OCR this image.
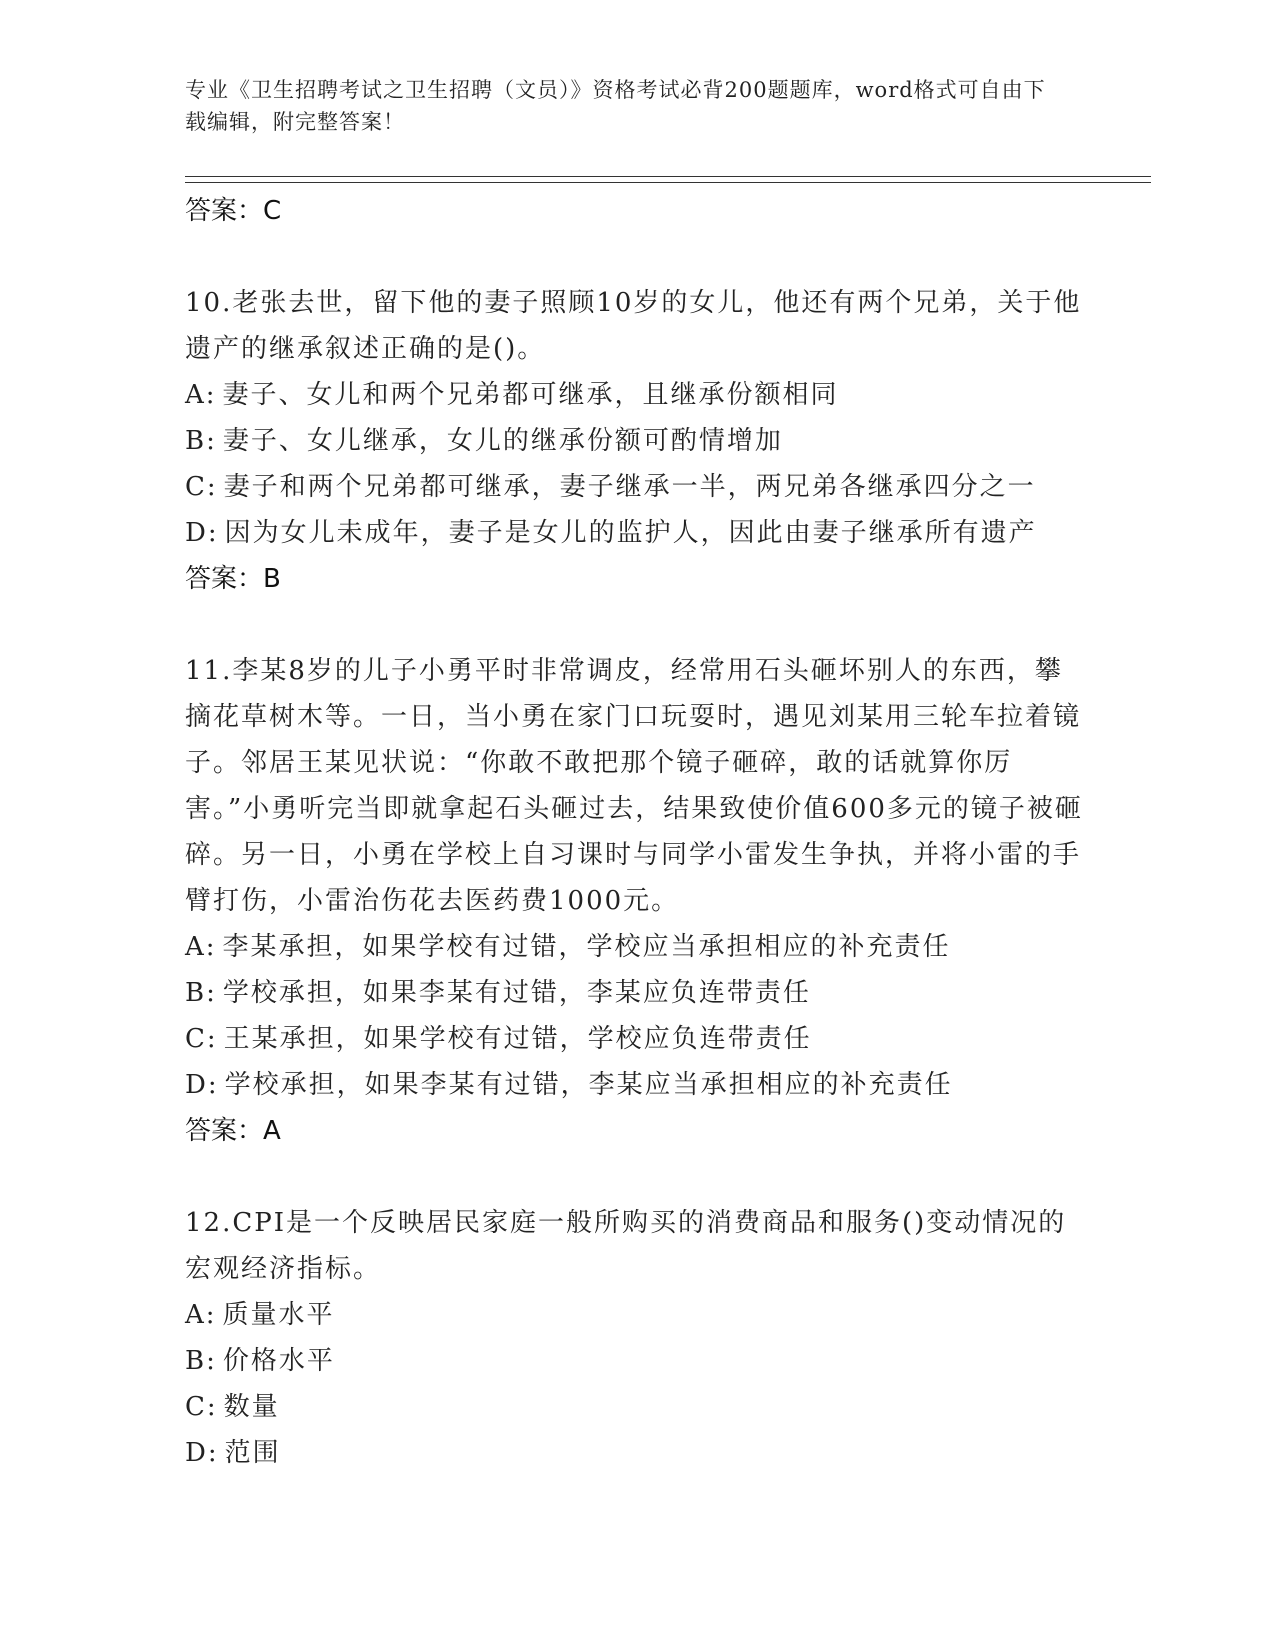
专业《卫生招聘考试之卫生招聘（文员）》资格考试必背200题题库，word格式可自由下载编辑，附完整答案！

答案：C

10.老张去世，留下他的妻子照顾10岁的女儿，他还有两个兄弟，关于他遗产的继承叙述正确的是()。

A: 妻子、女儿和两个兄弟都可继承，且继承份额相同

B: 妻子、女儿继承，女儿的继承份额可酌情增加

C: 妻子和两个兄弟都可继承，妻子继承一半，两兄弟各继承四分之一

D: 因为女儿未成年，妻子是女儿的监护人，因此由妻子继承所有遗产

答案：B

11.李某8岁的儿子小勇平时非常调皮，经常用石头砸坏别人的东西，攀摘花草树木等。一日，当小勇在家门口玩耍时，遇见刘某用三轮车拉着镜子。邻居王某见状说：“你敢不敢把那个镜子砸碎，敢的话就算你厉害。”小勇听完当即就拿起石头砸过去，结果致使价值600多元的镜子被砸碎。另一日，小勇在学校上自习课时与同学小雷发生争执，并将小雷的手臂打伤，小雷治伤花去医药费1000元。

A: 李某承担，如果学校有过错，学校应当承担相应的补充责任

B: 学校承担，如果李某有过错，李某应负连带责任

C: 王某承担，如果学校有过错，学校应负连带责任

D: 学校承担，如果李某有过错，李某应当承担相应的补充责任

答案：A

12.CPI是一个反映居民家庭一般所购买的消费商品和服务()变动情况的宏观经济指标。

A: 质量水平

B: 价格水平

C: 数量

D: 范围
